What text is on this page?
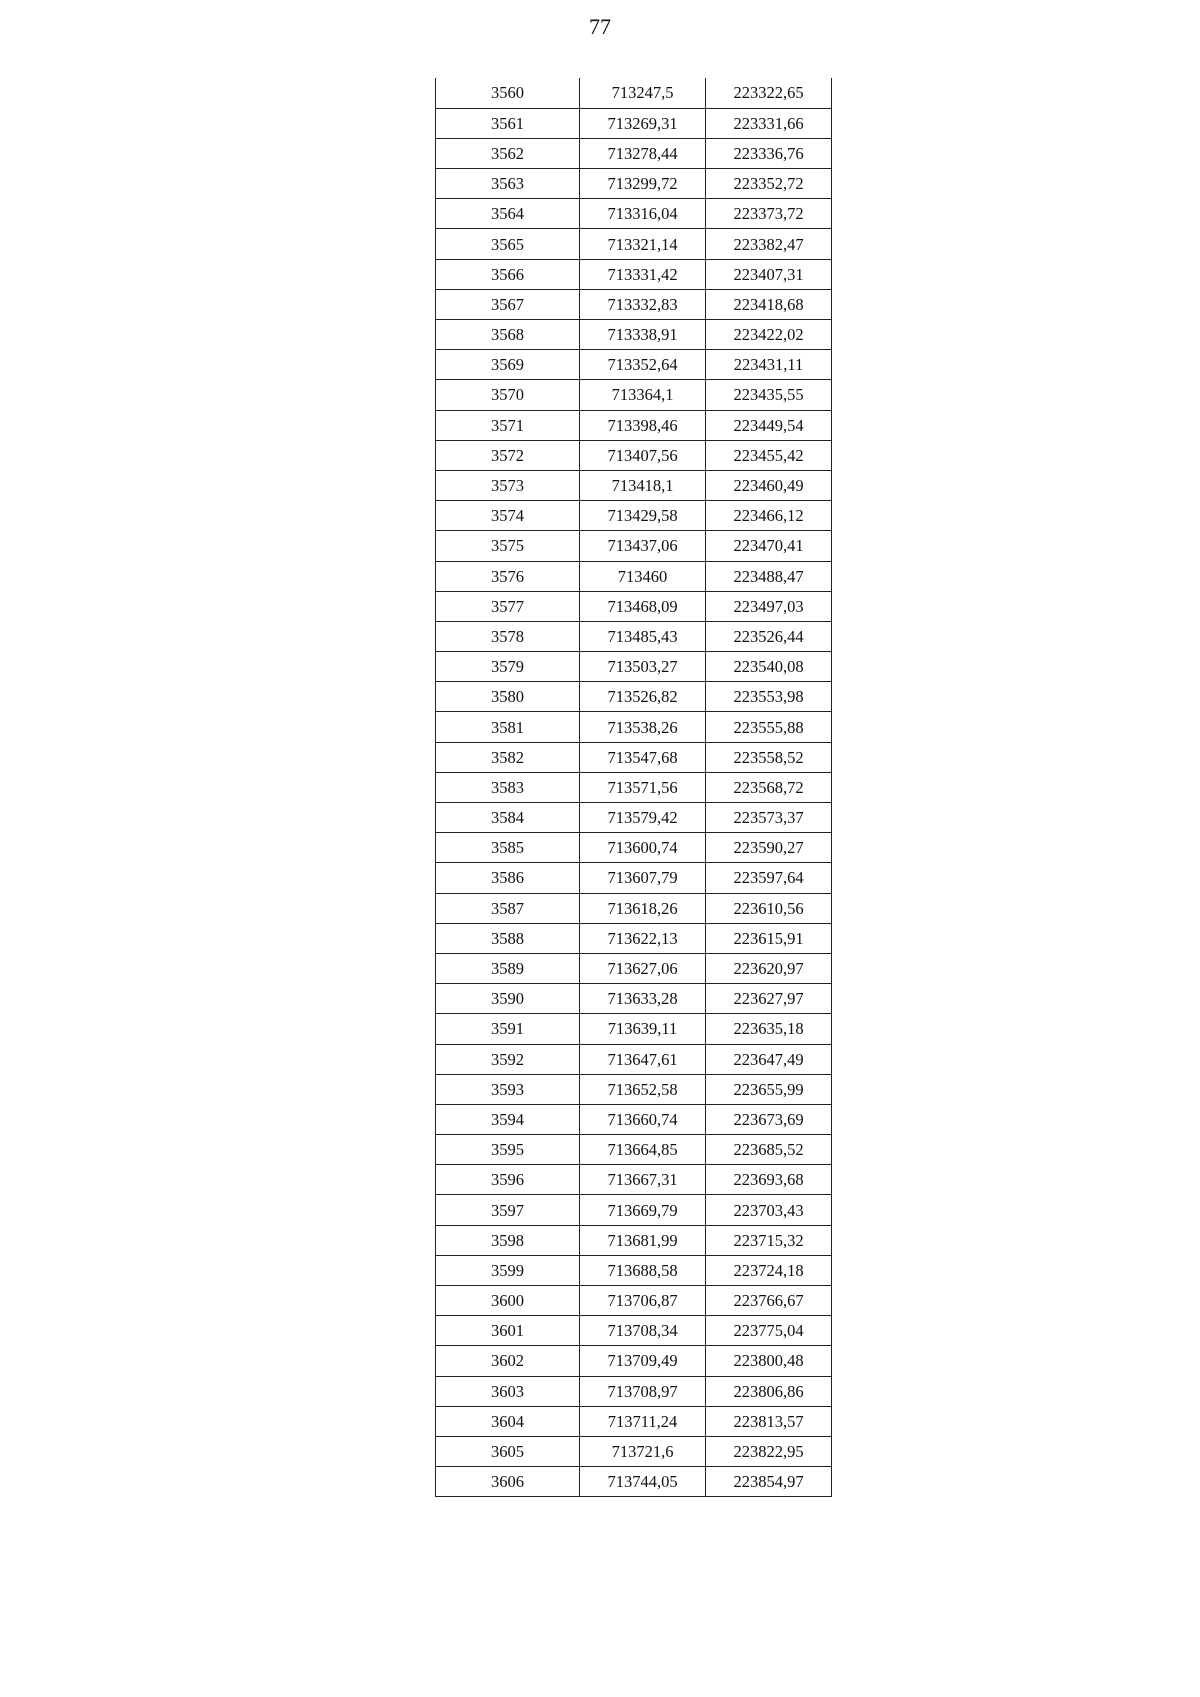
77
3560	713247,5	223322,65
3561	713269,31	223331,66
3562	713278,44	223336,76
3563	713299,72	223352,72
3564	713316,04	223373,72
3565	713321,14	223382,47
3566	713331,42	223407,31
3567	713332,83	223418,68
3568	713338,91	223422,02
3569	713352,64	223431,11
3570	713364,1	223435,55
3571	713398,46	223449,54
3572	713407,56	223455,42
3573	713418,1	223460,49
3574	713429,58	223466,12
3575	713437,06	223470,41
3576	713460	223488,47
3577	713468,09	223497,03
3578	713485,43	223526,44
3579	713503,27	223540,08
3580	713526,82	223553,98
3581	713538,26	223555,88
3582	713547,68	223558,52
3583	713571,56	223568,72
3584	713579,42	223573,37
3585	713600,74	223590,27
3586	713607,79	223597,64
3587	713618,26	223610,56
3588	713622,13	223615,91
3589	713627,06	223620,97
3590	713633,28	223627,97
3591	713639,11	223635,18
3592	713647,61	223647,49
3593	713652,58	223655,99
3594	713660,74	223673,69
3595	713664,85	223685,52
3596	713667,31	223693,68
3597	713669,79	223703,43
3598	713681,99	223715,32
3599	713688,58	223724,18
3600	713706,87	223766,67
3601	713708,34	223775,04
3602	713709,49	223800,48
3603	713708,97	223806,86
3604	713711,24	223813,57
3605	713721,6	223822,95
3606	713744,05	223854,97
